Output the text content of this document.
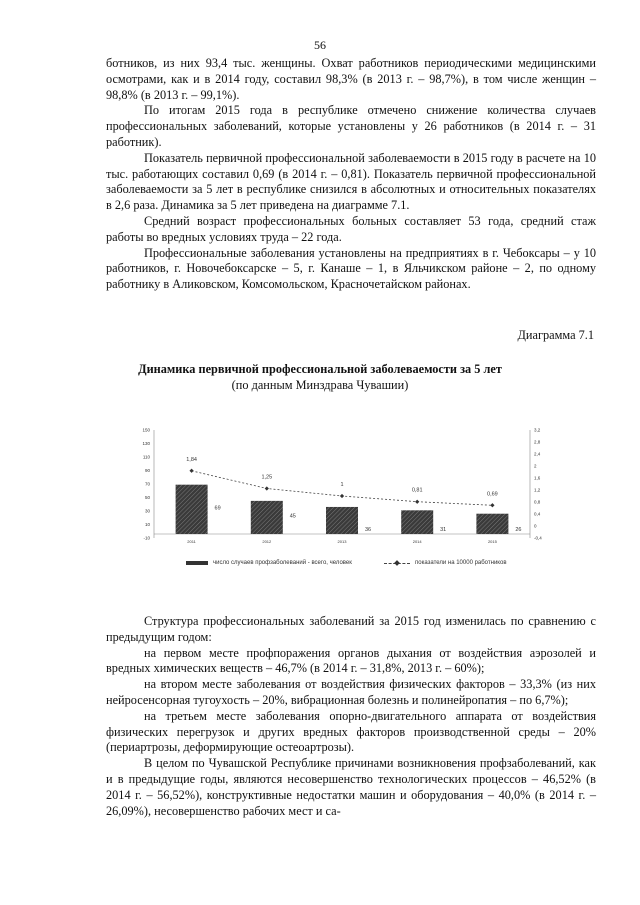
56

ботников, из них 93,4 тыс. женщины. Охват работников периодическими медицинскими осмотрами, как и в 2014 году, составил 98,3% (в 2013 г. – 98,7%), в том числе женщин – 98,8% (в 2013 г. – 99,1%).

По итогам 2015 года в республике отмечено снижение количества случаев профессиональных заболеваний, которые установлены у 26 работников (в 2014 г. – 31 работник).

Показатель первичной профессиональной заболеваемости в 2015 году в расчете на 10 тыс. работающих составил 0,69 (в 2014 г. – 0,81). Показатель первичной профессиональной заболеваемости за 5 лет в республике снизился в абсолютных и относительных показателях в 2,6 раза. Динамика за 5 лет приведена на диаграмме 7.1.

Средний возраст профессиональных больных составляет 53 года, средний стаж работы во вредных условиях труда – 22 года.

Профессиональные заболевания установлены на предприятиях в г. Чебоксары – у 10 работников, г. Новочебоксарске – 5, г. Канаше – 1, в Яльчикском районе – 2, по одному работнику в Аликовском, Комсомольском, Красночетайском районах.

Диаграмма 7.1
Динамика первичной профессиональной заболеваемости за 5 лет
(по данным Минздрава Чувашии)
150
130
110
90
70
50
30
10
-10
3,2
2,8
2,4
2
1,6
1,2
0,8
0,4
0
-0,4
69
2011
45
2012
36
2013
31
2014
26
2015
1,84
1,25
1
0,81
0,69
число случаев профзаболеваний - всего, человек	показатели на 10000 работников

Структура профессиональных заболеваний за 2015 год изменилась по сравнению с предыдущим годом:

на первом месте профпоражения органов дыхания от воздействия аэрозолей и вредных химических веществ – 46,7% (в 2014 г. – 31,8%, 2013 г. – 60%);

на втором месте заболевания от воздействия физических факторов – 33,3% (из них нейросенсорная тугоухость – 20%, вибрационная болезнь и полинейропатия – по 6,7%);

на третьем месте заболевания опорно-двигательного аппарата от воздействия физических перегрузок и других вредных факторов производственной среды – 20% (периартрозы, деформирующие остеоартрозы).

В целом по Чувашской Республике причинами возникновения профзаболеваний, как и в предыдущие годы, являются несовершенство технологических процессов – 46,52% (в 2014 г. – 56,52%), конструктивные недостатки машин и оборудования – 40,0% (в 2014 г. – 26,09%), несовершенство рабочих мест и са-
